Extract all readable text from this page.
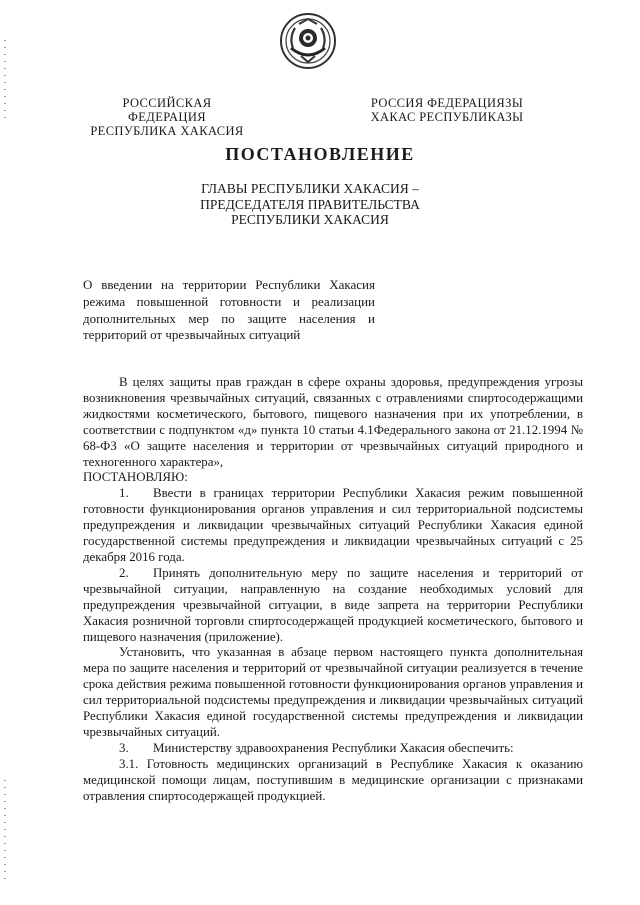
РОССИЙСКАЯ ФЕДЕРАЦИЯ
РЕСПУБЛИКА ХАКАСИЯ
РОССИЯ ФЕДЕРАЦИЯЗЫ
ХАКАС РЕСПУБЛИКАЗЫ
ПОСТАНОВЛЕНИЕ
ГЛАВЫ РЕСПУБЛИКИ ХАКАСИЯ –
ПРЕДСЕДАТЕЛЯ ПРАВИТЕЛЬСТВА
РЕСПУБЛИКИ ХАКАСИЯ
О введении на территории Республики Хакасия режима повышенной готовности и реализации дополнительных мер по защите населения и территорий от чрезвычайных ситуаций

В целях защиты прав граждан в сфере охраны здоровья, предупреждения угрозы возникновения чрезвычайных ситуаций, связанных с отравлениями спиртосодержащими жидкостями косметического, бытового, пищевого назначения при их употреблении, в соответствии с подпунктом «д» пункта 10 статьи 4.1Федерального закона от 21.12.1994 № 68-ФЗ «О защите населения и территории от чрезвычайных ситуаций природного и техногенного характера»,

ПОСТАНОВЛЯЮ:

1. Ввести в границах территории Республики Хакасия режим повышенной готовности функционирования органов управления и сил территориальной подсистемы предупреждения и ликвидации чрезвычайных ситуаций Республики Хакасия единой государственной системы предупреждения и ликвидации чрезвычайных ситуаций с 25 декабря 2016 года.

2. Принять дополнительную меру по защите населения и территорий от чрезвычайной ситуации, направленную на создание необходимых условий для предупреждения чрезвычайной ситуации, в виде запрета на территории Республики Хакасия розничной торговли спиртосодержащей продукцией косметического, бытового и пищевого назначения (приложение).

Установить, что указанная в абзаце первом настоящего пункта дополнительная мера по защите населения и территорий от чрезвычайной ситуации реализуется в течение срока действия режима повышенной готовности функционирования органов управления и сил территориальной подсистемы предупреждения и ликвидации чрезвычайных ситуаций Республики Хакасия единой государственной системы предупреждения и ликвидации чрезвычайных ситуаций.

3. Министерству здравоохранения Республики Хакасия обеспечить:

3.1. Готовность медицинских организаций в Республике Хакасия к оказанию медицинской помощи лицам, поступившим в медицинские организации с признаками отравления спиртосодержащей продукцией.
